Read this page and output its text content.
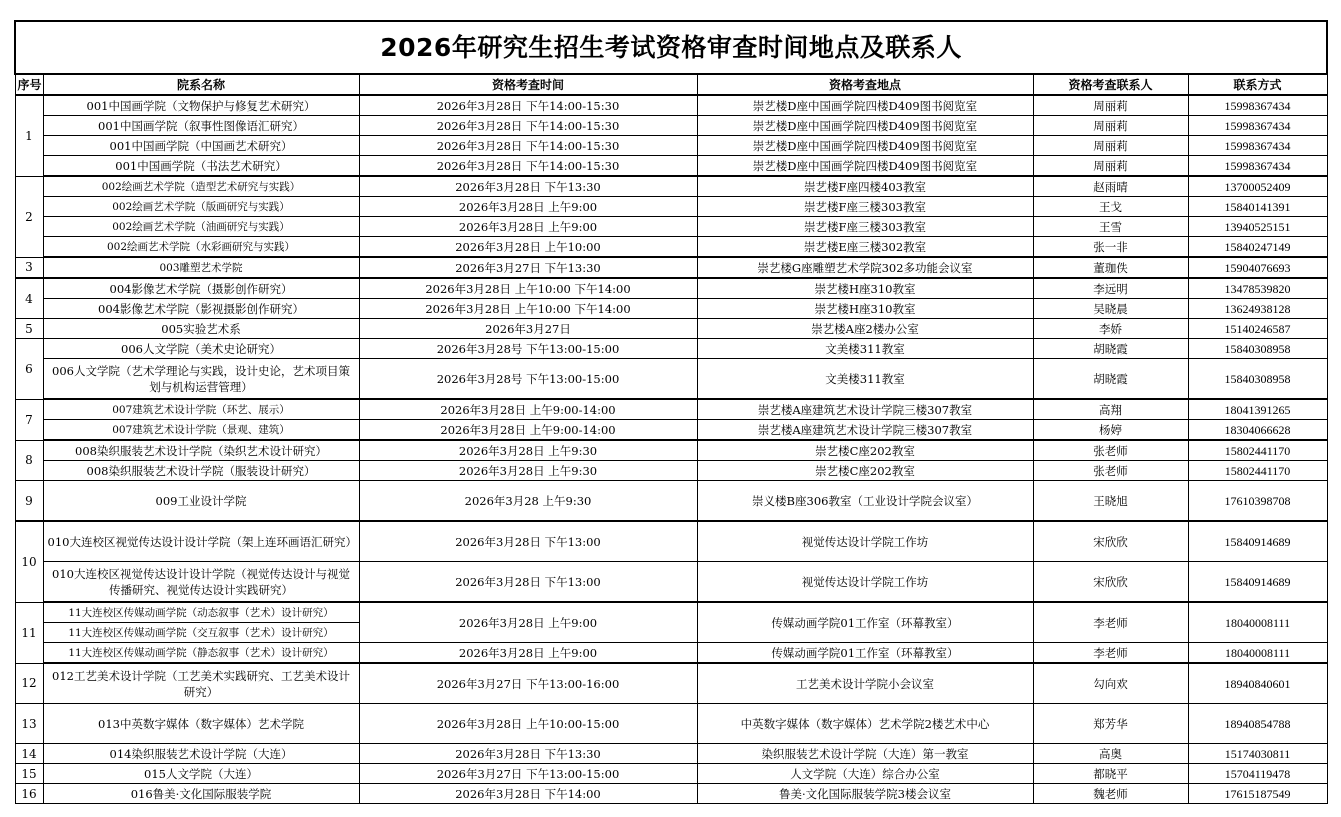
2026年研究生招生考试资格审查时间地点及联系人					
序号	院系名称	资格考查时间	资格考查地点	资格考查联系人	联系方式
1	001中国画学院（文物保护与修复艺术研究）	2026年3月28日 下午14:00-15:30	崇艺楼D座中国画学院四楼D409图书阅览室	周丽莉	15998367434
	001中国画学院（叙事性图像语汇研究）	2026年3月28日 下午14:00-15:30	崇艺楼D座中国画学院四楼D409图书阅览室	周丽莉	15998367434
	001中国画学院（中国画艺术研究）	2026年3月28日 下午14:00-15:30	崇艺楼D座中国画学院四楼D409图书阅览室	周丽莉	15998367434
	001中国画学院（书法艺术研究）	2026年3月28日 下午14:00-15:30	崇艺楼D座中国画学院四楼D409图书阅览室	周丽莉	15998367434
2	002绘画艺术学院（造型艺术研究与实践）	2026年3月28日 下午13:30	崇艺楼F座四楼403教室	赵雨晴	13700052409
	002绘画艺术学院（版画研究与实践）	2026年3月28日 上午9:00	崇艺楼F座三楼303教室	王戈	15840141391
	002绘画艺术学院（油画研究与实践）	2026年3月28日 上午9:00	崇艺楼F座三楼303教室	王雪	13940525151
	002绘画艺术学院（水彩画研究与实践）	2026年3月28日 上午10:00	崇艺楼E座三楼302教室	张一非	15840247149
3	003雕塑艺术学院	2026年3月27日 下午13:30	崇艺楼G座雕塑艺术学院302多功能会议室	董珈佚	15904076693
4	004影像艺术学院（摄影创作研究）	2026年3月28日 上午10:00 下午14:00	崇艺楼H座310教室	李远明	13478539820
	004影像艺术学院（影视摄影创作研究）	2026年3月28日 上午10:00 下午14:00	崇艺楼H座310教室	吴晓晨	13624938128
5	005实验艺术系	2026年3月27日	崇艺楼A座2楼办公室	李娇	15140246587
6	006人文学院（美术史论研究）	2026年3月28号 下午13:00-15:00	文美楼311教室	胡晓霞	15840308958
	006人文学院（艺术学理论与实践，设计史论，艺术项目策划与机构运营管理）	2026年3月28号 下午13:00-15:00	文美楼311教室	胡晓霞	15840308958
7	007建筑艺术设计学院（环艺、展示）	2026年3月28日 上午9:00-14:00	崇艺楼A座建筑艺术设计学院三楼307教室	高翔	18041391265
	007建筑艺术设计学院（景观、建筑）	2026年3月28日 上午9:00-14:00	崇艺楼A座建筑艺术设计学院三楼307教室	杨婷	18304066628
8	008染织服装艺术设计学院（染织艺术设计研究）	2026年3月28日 上午9:30	崇艺楼C座202教室	张老师	15802441170
	008染织服装艺术设计学院（服装设计研究）	2026年3月28日 上午9:30	崇艺楼C座202教室	张老师	15802441170
9	009工业设计学院	2026年3月28 上午9:30	崇义楼B座306教室（工业设计学院会议室）	王晓旭	17610398708
10	010大连校区视觉传达设计设计学院（架上连环画语汇研究）	2026年3月28日 下午13:00	视觉传达设计学院工作坊	宋欣欣	15840914689
	010大连校区视觉传达设计设计学院（视觉传达设计与视觉传播研究、视觉传达设计实践研究）	2026年3月28日 下午13:00	视觉传达设计学院工作坊	宋欣欣	15840914689
11	11大连校区传媒动画学院（动态叙事（艺术）设计研究）	2026年3月28日 上午9:00	传媒动画学院01工作室（环幕教室）	李老师	18040008111
	11大连校区传媒动画学院（交互叙事（艺术）设计研究）				
	11大连校区传媒动画学院（静态叙事（艺术）设计研究）	2026年3月28日 上午9:00	传媒动画学院01工作室（环幕教室）	李老师	18040008111
12	012工艺美术设计学院（工艺美术实践研究、工艺美术设计研究）	2026年3月27日 下午13:00-16:00	工艺美术设计学院小会议室	勾向欢	18940840601
13	013中英数字媒体（数字媒体）艺术学院	2026年3月28日 上午10:00-15:00	中英数字媒体（数字媒体）艺术学院2楼艺术中心	郑芳华	18940854788
14	014染织服装艺术设计学院（大连）	2026年3月28日 下午13:30	染织服装艺术设计学院（大连）第一教室	高奥	15174030811
15	015人文学院（大连）	2026年3月27日 下午13:00-15:00	人文学院（大连）综合办公室	都晓平	15704119478
16	016鲁美·文化国际服装学院	2026年3月28日 下午14:00	鲁美·文化国际服装学院3楼会议室	魏老师	17615187549
